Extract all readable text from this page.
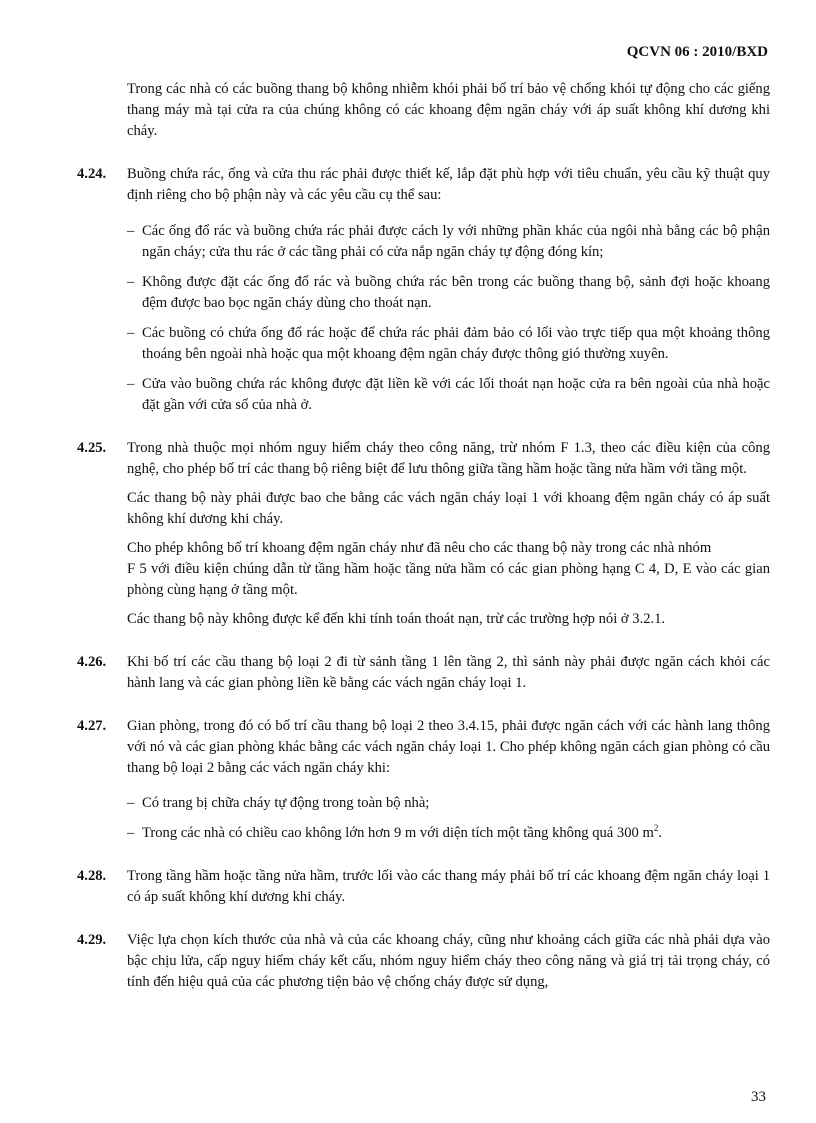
QCVN 06 : 2010/BXD

Trong các nhà có các buồng thang bộ không nhiễm khói phải bố trí bảo vệ chống khói tự động cho các giếng thang máy mà tại cửa ra của chúng không có các khoang đệm ngăn cháy với áp suất không khí dương khi cháy.

4.24. Buồng chứa rác, ống và cửa thu rác phải được thiết kế, lắp đặt phù hợp với tiêu chuẩn, yêu cầu kỹ thuật quy định riêng cho bộ phận này và các yêu cầu cụ thể sau:

– Các ống đổ rác và buồng chứa rác phải được cách ly với những phần khác của ngôi nhà bằng các bộ phận ngăn cháy; cửa thu rác ở các tầng phải có cửa nắp ngăn cháy tự động đóng kín;
– Không được đặt các ống đổ rác và buồng chứa rác bên trong các buồng thang bộ, sảnh đợi hoặc khoang đệm được bao bọc ngăn cháy dùng cho thoát nạn.
– Các buồng có chứa ống đổ rác hoặc để chứa rác phải đảm bảo có lối vào trực tiếp qua một khoảng thông thoáng bên ngoài nhà hoặc qua một khoang đệm ngăn cháy được thông gió thường xuyên.
– Cửa vào buồng chứa rác không được đặt liền kề với các lối thoát nạn hoặc cửa ra bên ngoài của nhà hoặc đặt gần với cửa sổ của nhà ở.
4.25. Trong nhà thuộc mọi nhóm nguy hiểm cháy theo công năng, trừ nhóm F 1.3, theo các điều kiện của công nghệ, cho phép bố trí các thang bộ riêng biệt để lưu thông giữa tầng hầm hoặc tầng nửa hầm với tầng một.

Các thang bộ này phải được bao che bằng các vách ngăn cháy loại 1 với khoang đệm ngăn cháy có áp suất không khí dương khi cháy.

Cho phép không bố trí khoang đệm ngăn cháy như đã nêu cho các thang bộ này trong các nhà nhóm

F 5 với điều kiện chúng dẫn từ tầng hầm hoặc tầng nửa hầm có các gian phòng hạng C 4, D, E vào các gian phòng cùng hạng ở tầng một.

Các thang bộ này không được kể đến khi tính toán thoát nạn, trừ các trường hợp nói ở 3.2.1.

4.26. Khi bố trí các cầu thang bộ loại 2 đi từ sảnh tầng 1 lên tầng 2, thì sảnh này phải được ngăn cách khỏi các hành lang và các gian phòng liền kề bằng các vách ngăn cháy loại 1.

4.27. Gian phòng, trong đó có bố trí cầu thang bộ loại 2 theo 3.4.15, phải được ngăn cách với các hành lang thông với nó và các gian phòng khác bằng các vách ngăn cháy loại 1. Cho phép không ngăn cách gian phòng có cầu thang bộ loại 2 bằng các vách ngăn cháy khi:

– Có trang bị chữa cháy tự động trong toàn bộ nhà;
– Trong các nhà có chiều cao không lớn hơn 9 m với diện tích một tầng không quá 300 $m^2$.
4.28. Trong tầng hầm hoặc tầng nửa hầm, trước lối vào các thang máy phải bố trí các khoang đệm ngăn cháy loại 1 có áp suất không khí dương khi cháy.

4.29. Việc lựa chọn kích thước của nhà và của các khoang cháy, cũng như khoảng cách giữa các nhà phải dựa vào bậc chịu lửa, cấp nguy hiểm cháy kết cấu, nhóm nguy hiểm cháy theo công năng và giá trị tải trọng cháy, có tính đến hiệu quả của các phương tiện bảo vệ chống cháy được sử dụng,

33
